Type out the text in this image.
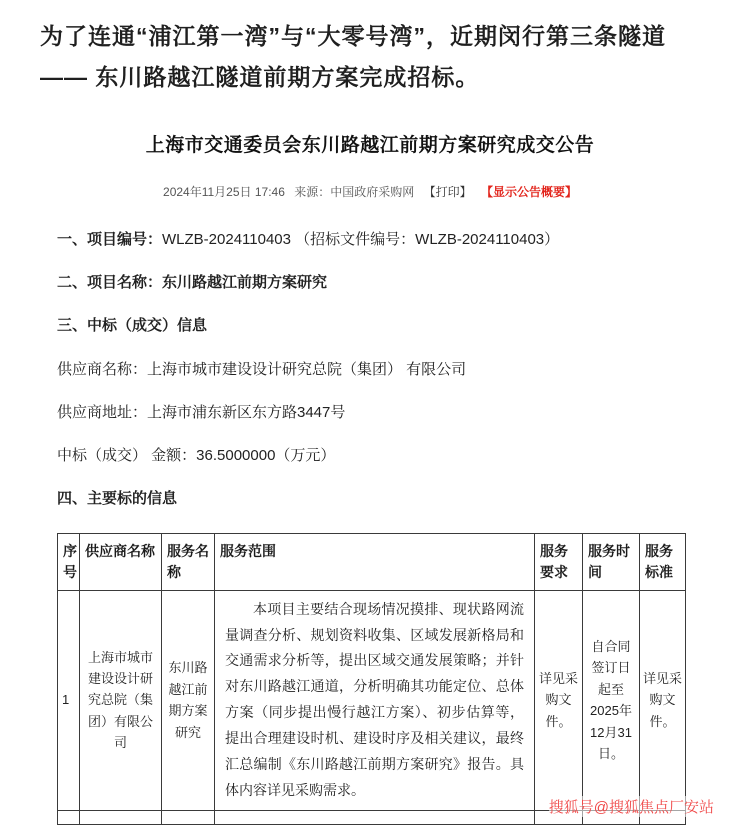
为了连通“浦江第一湾”与“大零号湾”，近期闵行第三条隧道 —— 东川路越江隧道前期方案完成招标。
上海市交通委员会东川路越江前期方案研究成交公告
2024年11月25日 17:46 来源：中国政府采购网 【打印】 【显示公告概要】

一、项目编号：WLZB-2024110403 （招标文件编号：WLZB-2024110403）

二、项目名称：东川路越江前期方案研究

三、中标（成交）信息

供应商名称：上海市城市建设设计研究总院（集团） 有限公司

供应商地址：上海市浦东新区东方路3447号

中标（成交） 金额：36.5000000（万元）

四、主要标的信息

序号	供应商名称	服务名称	服务范围	服务要求	服务时间	服务标准
1	上海市城市建设设计研究总院（集团）有限公司	东川路越江前期方案研究	本项目主要结合现场情况摸排、现状路网流量调查分析、规划资料收集、区域发展新格局和交通需求分析等，提出区域交通发展策略；并针对东川路越江通道，分析明确其功能定位、总体方案（同步提出慢行越江方案）、初步估算等，提出合理建设时机、建设时序及相关建议，最终汇总编制《东川路越江前期方案研究》报告。具体内容详见采购需求。	详见采购文件。	自合同签订日起至2025年12月31日。	详见采购文件。

搜狐号@搜狐焦点厂安站
